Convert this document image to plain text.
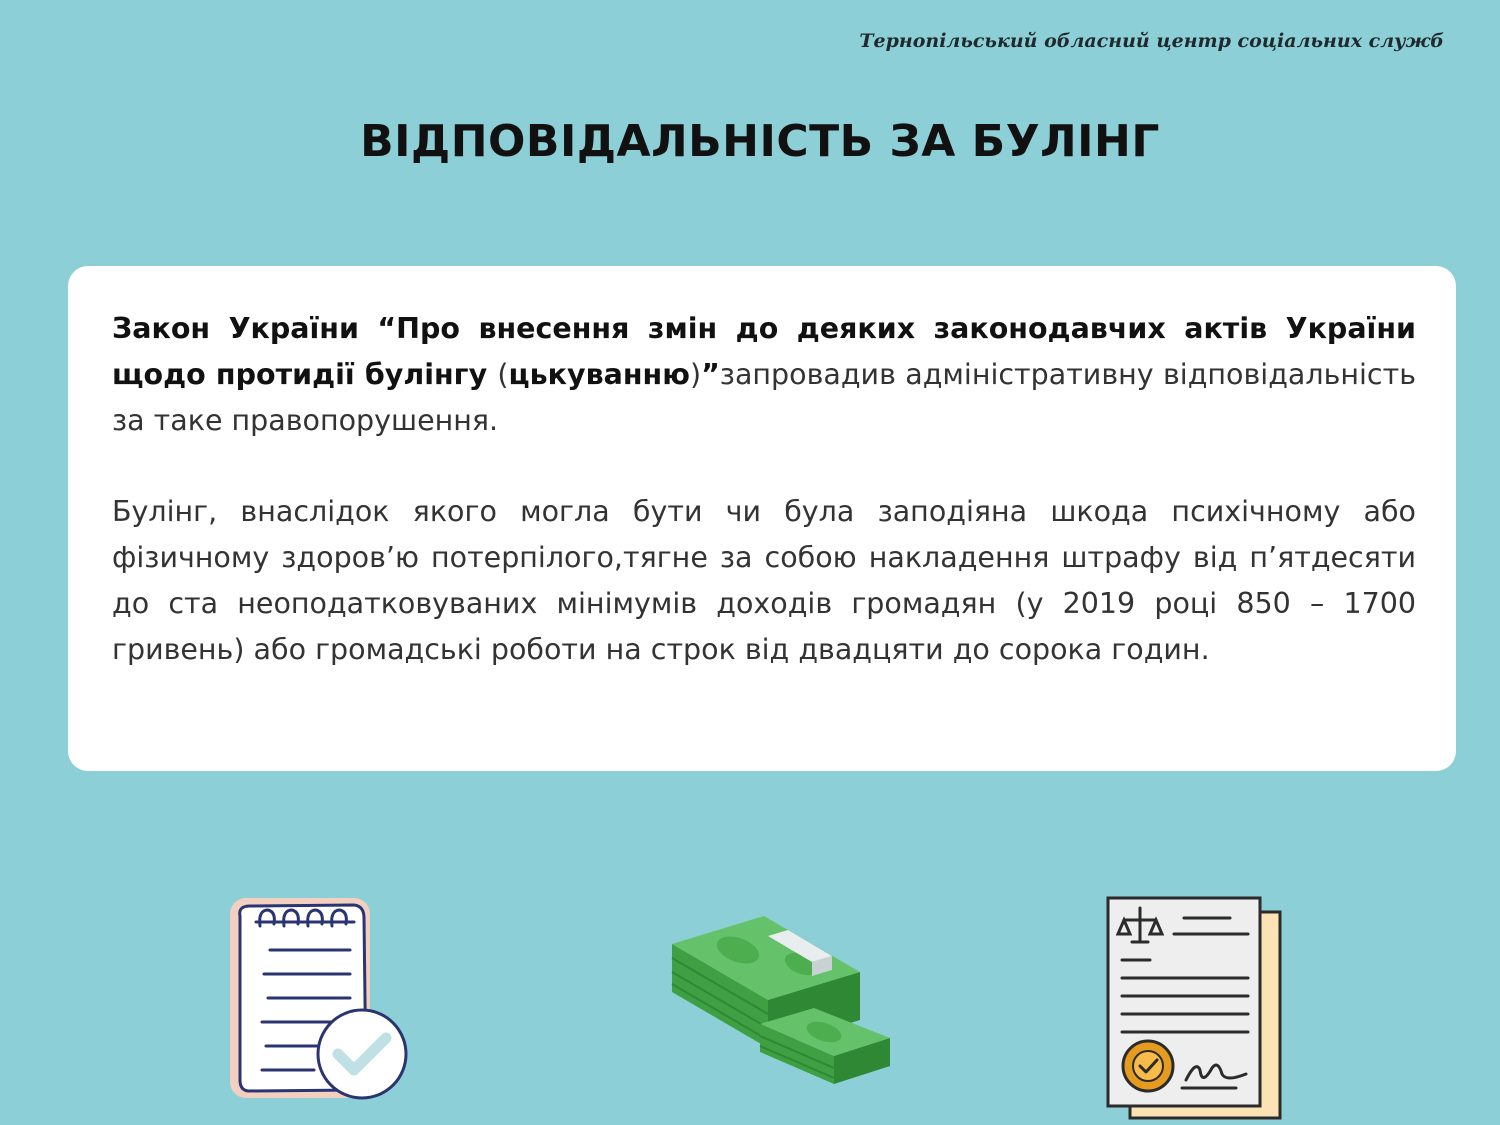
Тернопільський обласний центр соціальних служб
ВІДПОВІДАЛЬНІСТЬ ЗА БУЛІНГ

Закон України “Про внесення змін до деяких законодавчих актів України щодо протидії булінгу (цькуванню)”запровадив адміністративну відповідальність за таке правопорушення.

Булінг, внаслідок якого могла бути чи була заподіяна шкода психічному або фізичному здоров’ю потерпілого,тягне за собою накладення штрафу від п’ятдесяти до ста неоподатковуваних мінімумів доходів громадян (у 2019 році 850 – 1700 гривень) або громадські роботи на строк від двадцяти до сорока годин.
